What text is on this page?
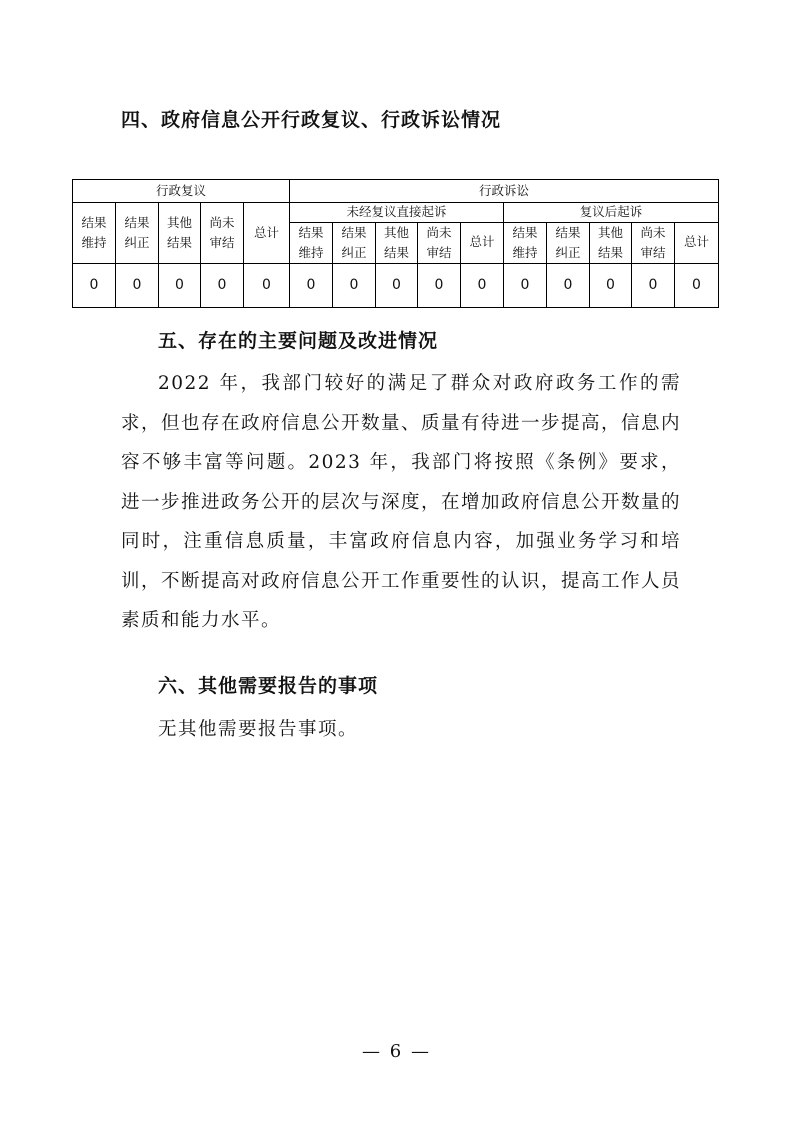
四、政府信息公开行政复议、行政诉讼情况
行政复议					行政诉讼									

结果维持	结果纠正	其他结果	尚未审结	总计	未经复议直接起诉					复议后起诉				

					结果维持	结果纠正	其他结果	尚未审结	总计	结果维持	结果纠正	其他结果	尚未审结	总计
0	0	0	0	0	0	0	0	0	0	0	0	0	0	0
五、存在的主要问题及改进情况

2022 年，我部门较好的满足了群众对政府政务工作的需求，但也存在政府信息公开数量、质量有待进一步提高，信息内容不够丰富等问题。2023 年，我部门将按照《条例》要求，进一步推进政务公开的层次与深度，在增加政府信息公开数量的同时，注重信息质量，丰富政府信息内容，加强业务学习和培训，不断提高对政府信息公开工作重要性的认识，提高工作人员素质和能力水平。

六、其他需要报告的事项

无其他需要报告事项。

— 6 —
